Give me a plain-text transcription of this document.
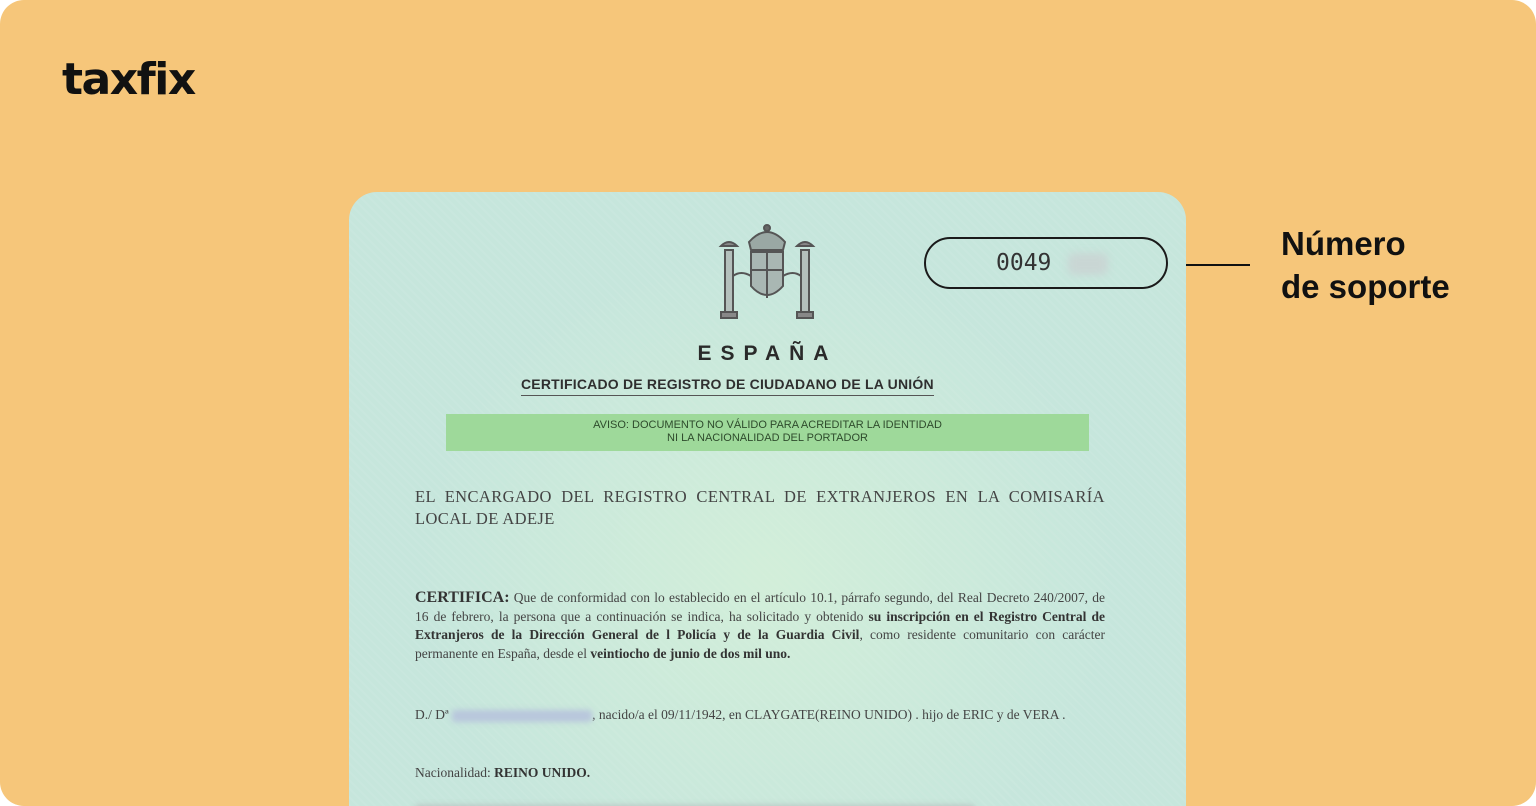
taxfix
Número
de soporte
0049
ESPAÑA
CERTIFICADO DE REGISTRO DE CIUDADANO DE LA UNIÓN
AVISO: DOCUMENTO NO VÁLIDO PARA ACREDITAR LA IDENTIDAD
NI LA NACIONALIDAD DEL PORTADOR
EL ENCARGADO DEL REGISTRO CENTRAL DE EXTRANJEROS EN LA COMISARÍA LOCAL DE ADEJE
CERTIFICA: Que de conformidad con lo establecido en el artículo 10.1, párrafo segundo, del Real Decreto 240/2007, de 16 de febrero, la persona que a continuación se indica, ha solicitado y obtenido su inscripción en el Registro Central de Extranjeros de la Dirección General de l Policía y de la Guardia Civil, como residente comunitario con carácter permanente en España, desde el veintiocho de junio de dos mil uno.
D./ Dª	, nacido/a el 09/11/1942, en CLAYGATE(REINO UNIDO) . hijo de ERIC y de VERA .
Nacionalidad: REINO UNIDO.
